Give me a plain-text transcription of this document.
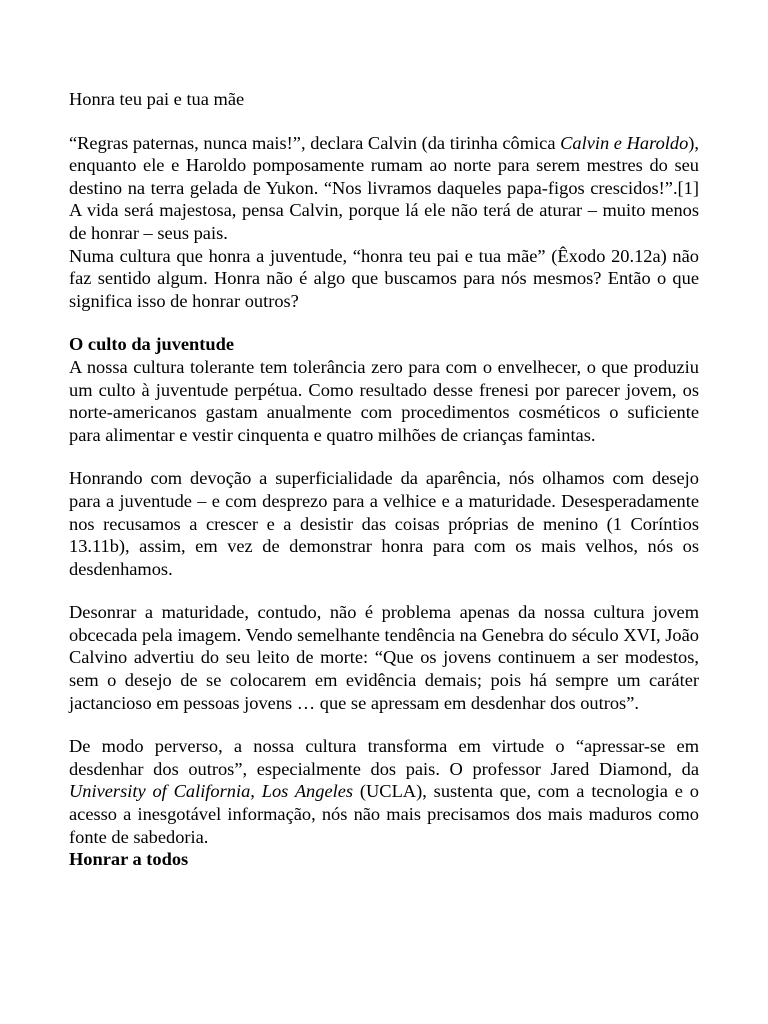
Honra teu pai e tua mãe

“Regras paternas, nunca mais!”, declara Calvin (da tirinha cômica Calvin e Haroldo), enquanto ele e Haroldo pomposamente rumam ao norte para serem mestres do seu destino na terra gelada de Yukon. “Nos livramos daqueles papa-figos crescidos!”.[1] A vida será majestosa, pensa Calvin, porque lá ele não terá de aturar – muito menos de honrar – seus pais.

Numa cultura que honra a juventude, “honra teu pai e tua mãe” (Êxodo 20.12a) não faz sentido algum. Honra não é algo que buscamos para nós mesmos? Então o que significa isso de honrar outros?

O culto da juventude

A nossa cultura tolerante tem tolerância zero para com o envelhecer, o que produziu um culto à juventude perpétua. Como resultado desse frenesi por parecer jovem, os norte-americanos gastam anualmente com procedimentos cosméticos o suficiente para alimentar e vestir cinquenta e quatro milhões de crianças famintas.

Honrando com devoção a superficialidade da aparência, nós olhamos com desejo para a juventude – e com desprezo para a velhice e a maturidade. Desesperadamente nos recusamos a crescer e a desistir das coisas próprias de menino (1 Coríntios 13.11b), assim, em vez de demonstrar honra para com os mais velhos, nós os desdenhamos.

Desonrar a maturidade, contudo, não é problema apenas da nossa cultura jovem obcecada pela imagem. Vendo semelhante tendência na Genebra do século XVI, João Calvino advertiu do seu leito de morte: “Que os jovens continuem a ser modestos, sem o desejo de se colocarem em evidência demais; pois há sempre um caráter jactancioso em pessoas jovens … que se apressam em desdenhar dos outros”.

De modo perverso, a nossa cultura transforma em virtude o “apressar-se em desdenhar dos outros”, especialmente dos pais. O professor Jared Diamond, da University of California, Los Angeles (UCLA), sustenta que, com a tecnologia e o acesso a inesgotável informação, nós não mais precisamos dos mais maduros como fonte de sabedoria.

Honrar a todos
